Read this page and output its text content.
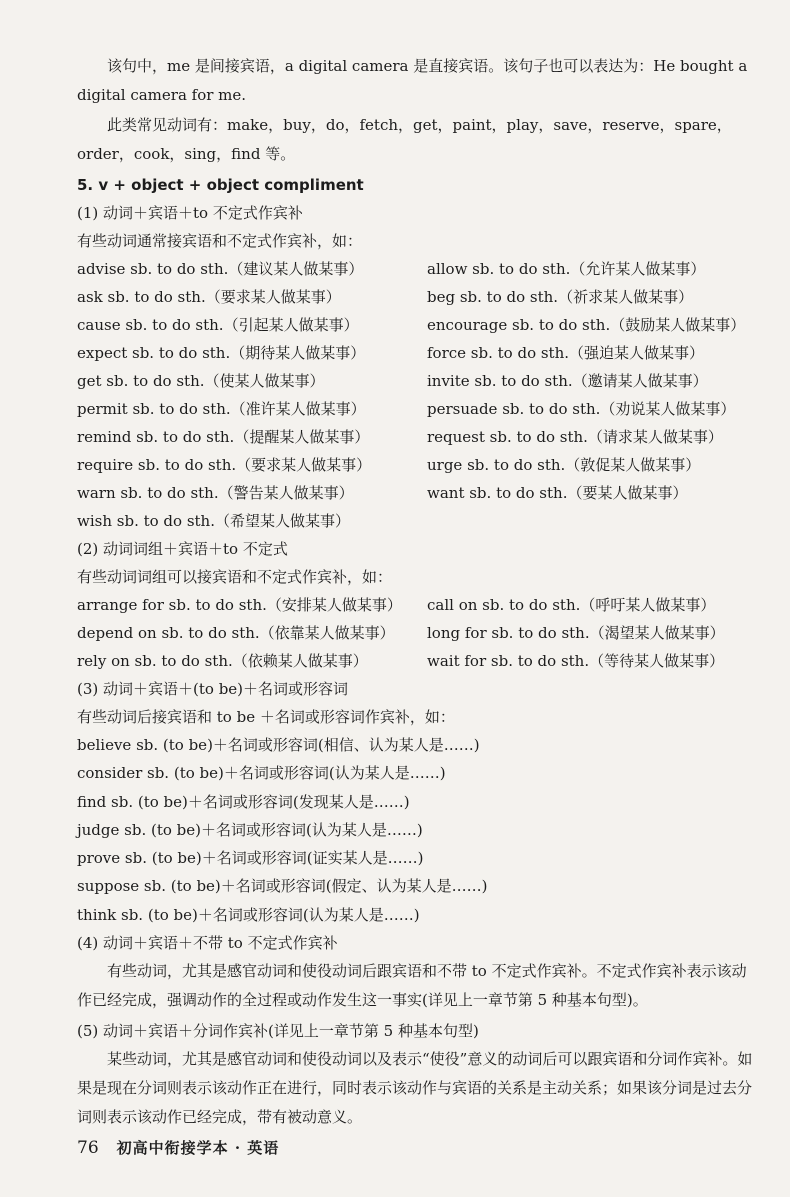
该句中，me 是间接宾语，a digital camera 是直接宾语。该句子也可以表达为：He bought a digital camera for me.
此类常见动词有：make，buy，do，fetch，get，paint，play，save，reserve，spare，order，cook，sing，find 等。
5. v + object + object compliment
(1) 动词＋宾语＋to 不定式作宾补
有些动词通常接宾语和不定式作宾补，如：
advise sb. to do sth.（建议某人做某事）	allow sb. to do sth.（允许某人做某事）
ask sb. to do sth.（要求某人做某事）	beg sb. to do sth.（祈求某人做某事）
cause sb. to do sth.（引起某人做某事）	encourage sb. to do sth.（鼓励某人做某事）
expect sb. to do sth.（期待某人做某事）	force sb. to do sth.（强迫某人做某事）
get sb. to do sth.（使某人做某事）	invite sb. to do sth.（邀请某人做某事）
permit sb. to do sth.（准许某人做某事）	persuade sb. to do sth.（劝说某人做某事）
remind sb. to do sth.（提醒某人做某事）	request sb. to do sth.（请求某人做某事）
require sb. to do sth.（要求某人做某事）	urge sb. to do sth.（敦促某人做某事）
warn sb. to do sth.（警告某人做某事）	want sb. to do sth.（要某人做某事）
wish sb. to do sth.（希望某人做某事）
(2) 动词词组＋宾语＋to 不定式
有些动词词组可以接宾语和不定式作宾补，如：
arrange for sb. to do sth.（安排某人做某事）	call on sb. to do sth.（呼吁某人做某事）
depend on sb. to do sth.（依靠某人做某事）	long for sb. to do sth.（渴望某人做某事）
rely on sb. to do sth.（依赖某人做某事）	wait for sb. to do sth.（等待某人做某事）
(3) 动词＋宾语＋(to be)＋名词或形容词
有些动词后接宾语和 to be ＋名词或形容词作宾补，如：
believe sb. (to be)＋名词或形容词(相信、认为某人是……)
consider sb. (to be)＋名词或形容词(认为某人是……)
find sb. (to be)＋名词或形容词(发现某人是……)
judge sb. (to be)＋名词或形容词(认为某人是……)
prove sb. (to be)＋名词或形容词(证实某人是……)
suppose sb. (to be)＋名词或形容词(假定、认为某人是……)
think sb. (to be)＋名词或形容词(认为某人是……)
(4) 动词＋宾语＋不带 to 不定式作宾补
有些动词，尤其是感官动词和使役动词后跟宾语和不带 to 不定式作宾补。不定式作宾补表示该动作已经完成，强调动作的全过程或动作发生这一事实(详见上一章节第 5 种基本句型)。
(5) 动词＋宾语＋分词作宾补(详见上一章节第 5 种基本句型)
某些动词，尤其是感官动词和使役动词以及表示“使役”意义的动词后可以跟宾语和分词作宾补。如果是现在分词则表示该动作正在进行，同时表示该动作与宾语的关系是主动关系；如果该分词是过去分词则表示该动作已经完成，带有被动意义。
76 初高中衔接学本 · 英语
